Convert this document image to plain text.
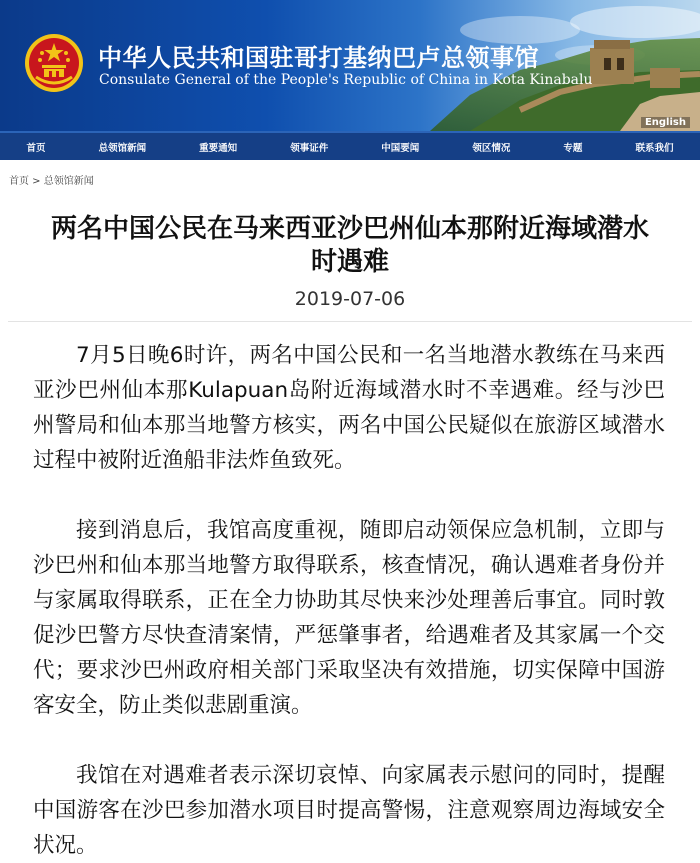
中华人民共和国驻哥打基纳巴卢总领事馆
Consulate General of the People's Republic of China in Kota Kinabalu
English
首页	总领馆新闻	重要通知	领事证件	中国要闻	领区情况	专题	联系我们
首页 > 总领馆新闻
两名中国公民在马来西亚沙巴州仙本那附近海域潜水时遇难
2019-07-06

7月5日晚6时许，两名中国公民和一名当地潜水教练在马来西亚沙巴州仙本那Kulapuan岛附近海域潜水时不幸遇难。经与沙巴州警局和仙本那当地警方核实，两名中国公民疑似在旅游区域潜水过程中被附近渔船非法炸鱼致死。

接到消息后，我馆高度重视，随即启动领保应急机制，立即与沙巴州和仙本那当地警方取得联系，核查情况，确认遇难者身份并与家属取得联系，正在全力协助其尽快来沙处理善后事宜。同时敦促沙巴警方尽快查清案情，严惩肇事者，给遇难者及其家属一个交代；要求沙巴州政府相关部门采取坚决有效措施，切实保障中国游客安全，防止类似悲剧重演。

我馆在对遇难者表示深切哀悼、向家属表示慰问的同时，提醒中国游客在沙巴参加潜水项目时提高警惕，注意观察周边海域安全状况。
